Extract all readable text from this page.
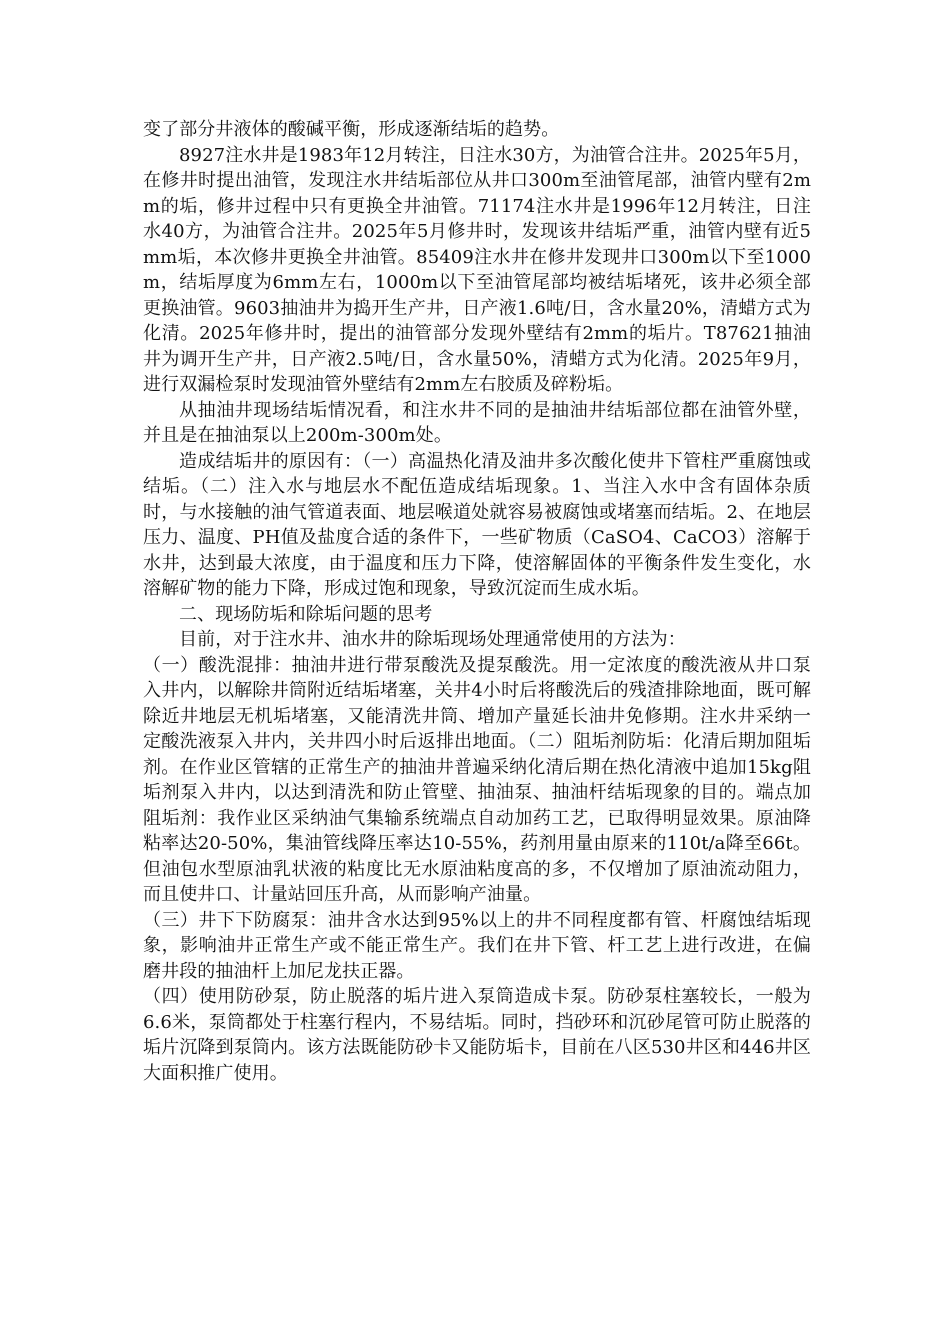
变了部分井液体的酸碱平衡，形成逐渐结垢的趋势。

8927注水井是1983年12月转注，日注水30方，为油管合注井。2025年5月，在修井时提出油管，发现注水井结垢部位从井口300m至油管尾部，油管内壁有2mm的垢，修井过程中只有更换全井油管。71174注水井是1996年12月转注，日注水40方，为油管合注井。2025年5月修井时，发现该井结垢严重，油管内壁有近5mm垢，本次修井更换全井油管。85409注水井在修井发现井口300m以下至1000m，结垢厚度为6mm左右，1000m以下至油管尾部均被结垢堵死，该井必须全部更换油管。9603抽油井为捣开生产井，日产液1.6吨/日，含水量20%，清蜡方式为化清。2025年修井时，提出的油管部分发现外壁结有2mm的垢片。T87621抽油井为调开生产井，日产液2.5吨/日，含水量50%，清蜡方式为化清。2025年9月，进行双漏检泵时发现油管外壁结有2mm左右胶质及碎粉垢。

从抽油井现场结垢情况看，和注水井不同的是抽油井结垢部位都在油管外壁，并且是在抽油泵以上200m-300m处。

造成结垢井的原因有：（一）高温热化清及油井多次酸化使井下管柱严重腐蚀或结垢。（二）注入水与地层水不配伍造成结垢现象。1、当注入水中含有固体杂质时，与水接触的油气管道表面、地层喉道处就容易被腐蚀或堵塞而结垢。2、在地层压力、温度、PH值及盐度合适的条件下，一些矿物质（CaSO4、CaCO3）溶解于水井，达到最大浓度，由于温度和压力下降，使溶解固体的平衡条件发生变化，水溶解矿物的能力下降，形成过饱和现象，导致沉淀而生成水垢。

二、现场防垢和除垢问题的思考

目前，对于注水井、油水井的除垢现场处理通常使用的方法为：

（一）酸洗混排：抽油井进行带泵酸洗及提泵酸洗。用一定浓度的酸洗液从井口泵入井内，以解除井筒附近结垢堵塞，关井4小时后将酸洗后的残渣排除地面，既可解除近井地层无机垢堵塞，又能清洗井筒、增加产量延长油井免修期。注水井采纳一定酸洗液泵入井内，关井四小时后返排出地面。（二）阻垢剂防垢：化清后期加阻垢剂。在作业区管辖的正常生产的抽油井普遍采纳化清后期在热化清液中追加15kg阻垢剂泵入井内，以达到清洗和防止管壁、抽油泵、抽油杆结垢现象的目的。端点加阻垢剂：我作业区采纳油气集输系统端点自动加药工艺，已取得明显效果。原油降粘率达20-50%，集油管线降压率达10-55%，药剂用量由原来的110t/a降至66t。但油包水型原油乳状液的粘度比无水原油粘度高的多，不仅增加了原油流动阻力，而且使井口、计量站回压升高，从而影响产油量。

（三）井下下防腐泵：油井含水达到95%以上的井不同程度都有管、杆腐蚀结垢现象，影响油井正常生产或不能正常生产。我们在井下管、杆工艺上进行改进，在偏磨井段的抽油杆上加尼龙扶正器。

（四）使用防砂泵，防止脱落的垢片进入泵筒造成卡泵。防砂泵柱塞较长，一般为6.6米，泵筒都处于柱塞行程内，不易结垢。同时，挡砂环和沉砂尾管可防止脱落的垢片沉降到泵筒内。该方法既能防砂卡又能防垢卡，目前在八区530井区和446井区大面积推广使用。
